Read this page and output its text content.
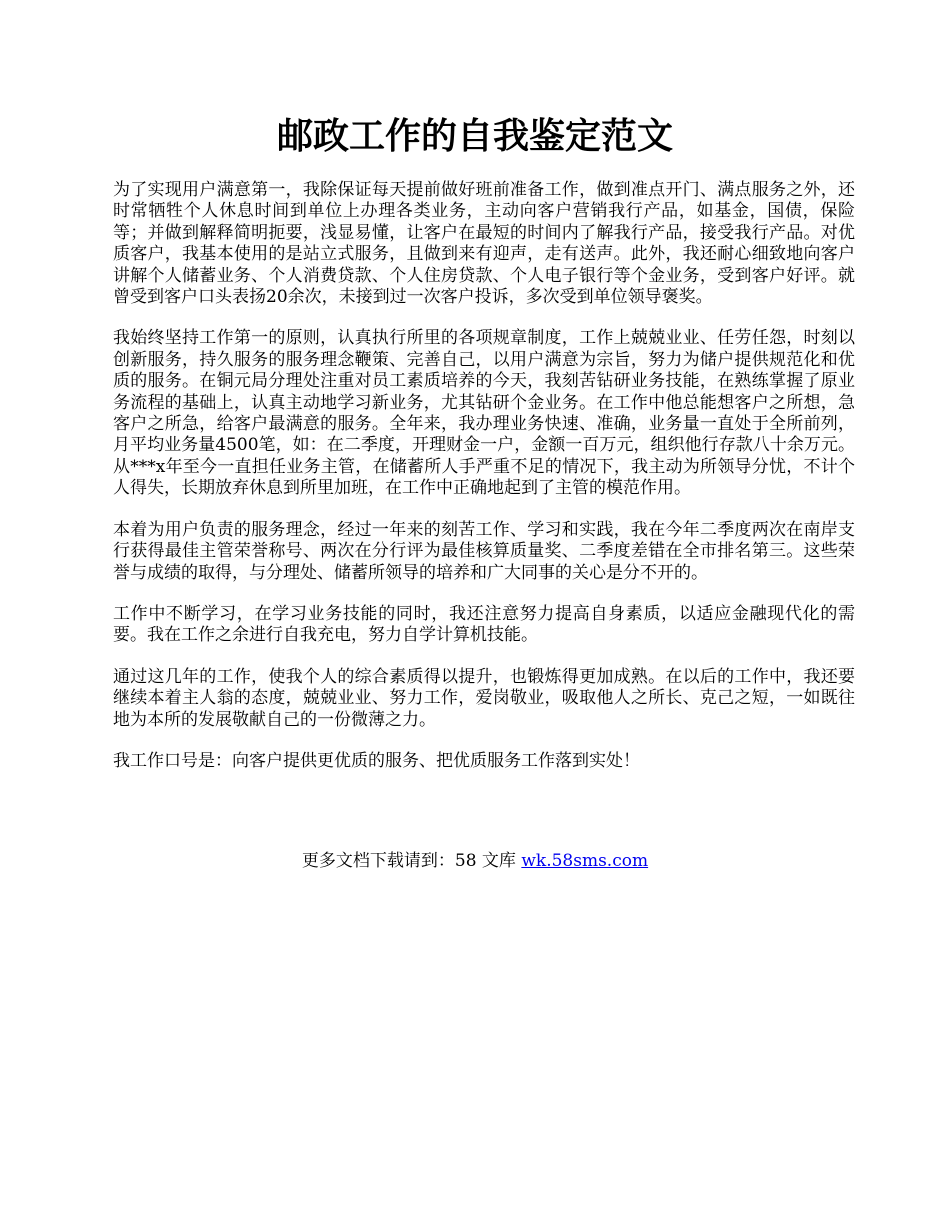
邮政工作的自我鉴定范文

为了实现用户满意第一，我除保证每天提前做好班前准备工作，做到准点开门、满点服务之外，还时常牺牲个人休息时间到单位上办理各类业务，主动向客户营销我行产品，如基金，国债，保险等；并做到解释简明扼要，浅显易懂，让客户在最短的时间内了解我行产品，接受我行产品。对优质客户，我基本使用的是站立式服务，且做到来有迎声，走有送声。此外，我还耐心细致地向客户讲解个人储蓄业务、个人消费贷款、个人住房贷款、个人电子银行等个金业务，受到客户好评。就曾受到客户口头表扬20余次，未接到过一次客户投诉，多次受到单位领导褒奖。

我始终坚持工作第一的原则，认真执行所里的各项规章制度，工作上兢兢业业、任劳任怨，时刻以创新服务，持久服务的服务理念鞭策、完善自己，以用户满意为宗旨，努力为储户提供规范化和优质的服务。在铜元局分理处注重对员工素质培养的今天，我刻苦钻研业务技能，在熟练掌握了原业务流程的基础上，认真主动地学习新业务，尤其钻研个金业务。在工作中他总能想客户之所想，急客户之所急，给客户最满意的服务。全年来，我办理业务快速、准确，业务量一直处于全所前列，月平均业务量4500笔，如：在二季度，开理财金一户，金额一百万元，组织他行存款八十余万元。从***x年至今一直担任业务主管，在储蓄所人手严重不足的情况下，我主动为所领导分忧，不计个人得失，长期放弃休息到所里加班，在工作中正确地起到了主管的模范作用。

本着为用户负责的服务理念，经过一年来的刻苦工作、学习和实践，我在今年二季度两次在南岸支行获得最佳主管荣誉称号、两次在分行评为最佳核算质量奖、二季度差错在全市排名第三。这些荣誉与成绩的取得，与分理处、储蓄所领导的培养和广大同事的关心是分不开的。

工作中不断学习，在学习业务技能的同时，我还注意努力提高自身素质，以适应金融现代化的需要。我在工作之余进行自我充电，努力自学计算机技能。

通过这几年的工作，使我个人的综合素质得以提升，也锻炼得更加成熟。在以后的工作中，我还要继续本着主人翁的态度，兢兢业业、努力工作，爱岗敬业，吸取他人之所长、克己之短，一如既往地为本所的发展敬献自己的一份微薄之力。

我工作口号是：向客户提供更优质的服务、把优质服务工作落到实处！

更多文档下载请到：58 文库 wk.58sms.com
